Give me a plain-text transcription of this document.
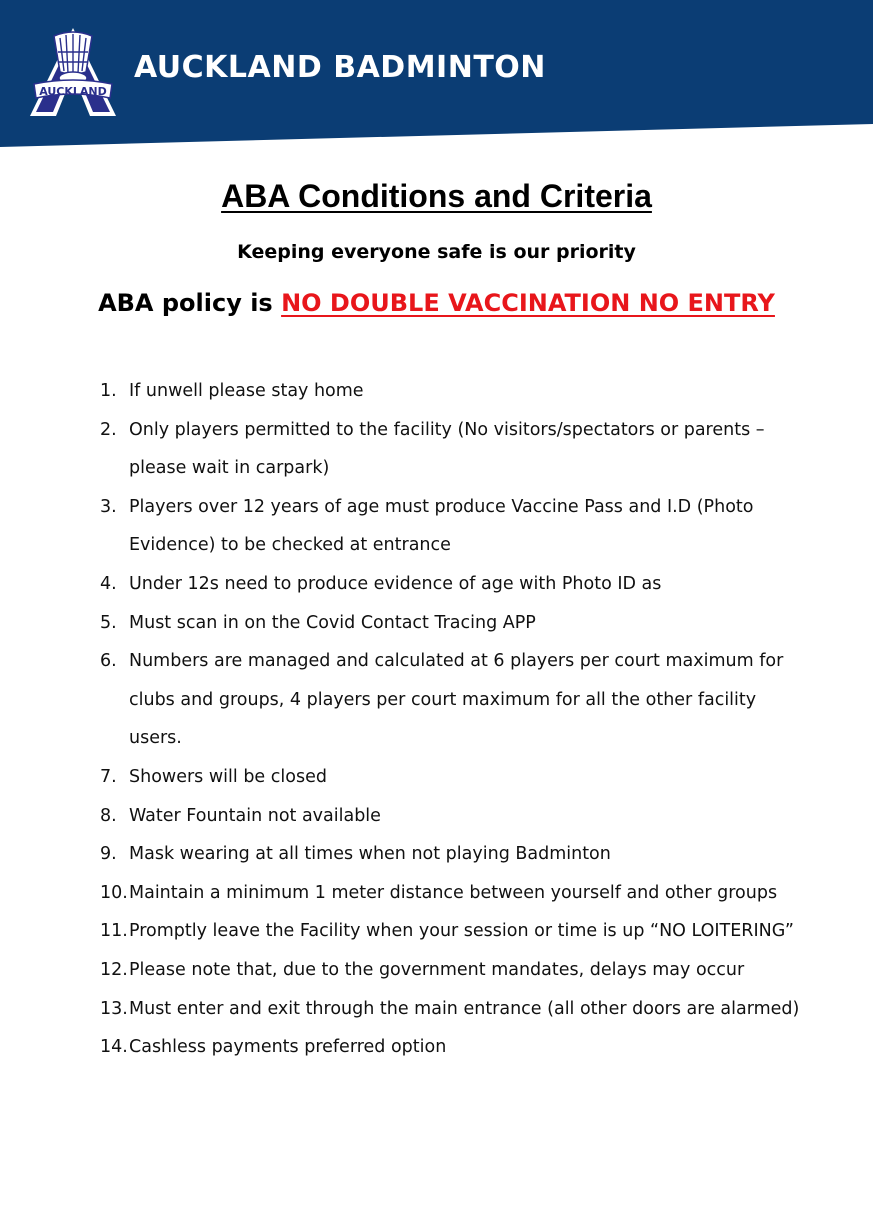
AUCKLAND
AUCKLAND BADMINTON
ABA Conditions and Criteria
Keeping everyone safe is our priority
ABA policy is NO DOUBLE VACCINATION NO ENTRY
1. If unwell please stay home
2. Only players permitted to the facility (No visitors/spectators or parents – please wait in carpark)
3. Players over 12 years of age must produce Vaccine Pass and I.D (Photo Evidence) to be checked at entrance
4. Under 12s need to produce evidence of age with Photo ID as
5. Must scan in on the Covid Contact Tracing APP
6. Numbers are managed and calculated at 6 players per court maximum for clubs and groups, 4 players per court maximum for all the other facility users.
7. Showers will be closed
8. Water Fountain not available
9. Mask wearing at all times when not playing Badminton
10. Maintain a minimum 1 meter distance between yourself and other groups
11. Promptly leave the Facility when your session or time is up “NO LOITERING”
12. Please note that, due to the government mandates, delays may occur
13. Must enter and exit through the main entrance (all other doors are alarmed)
14. Cashless payments preferred option
